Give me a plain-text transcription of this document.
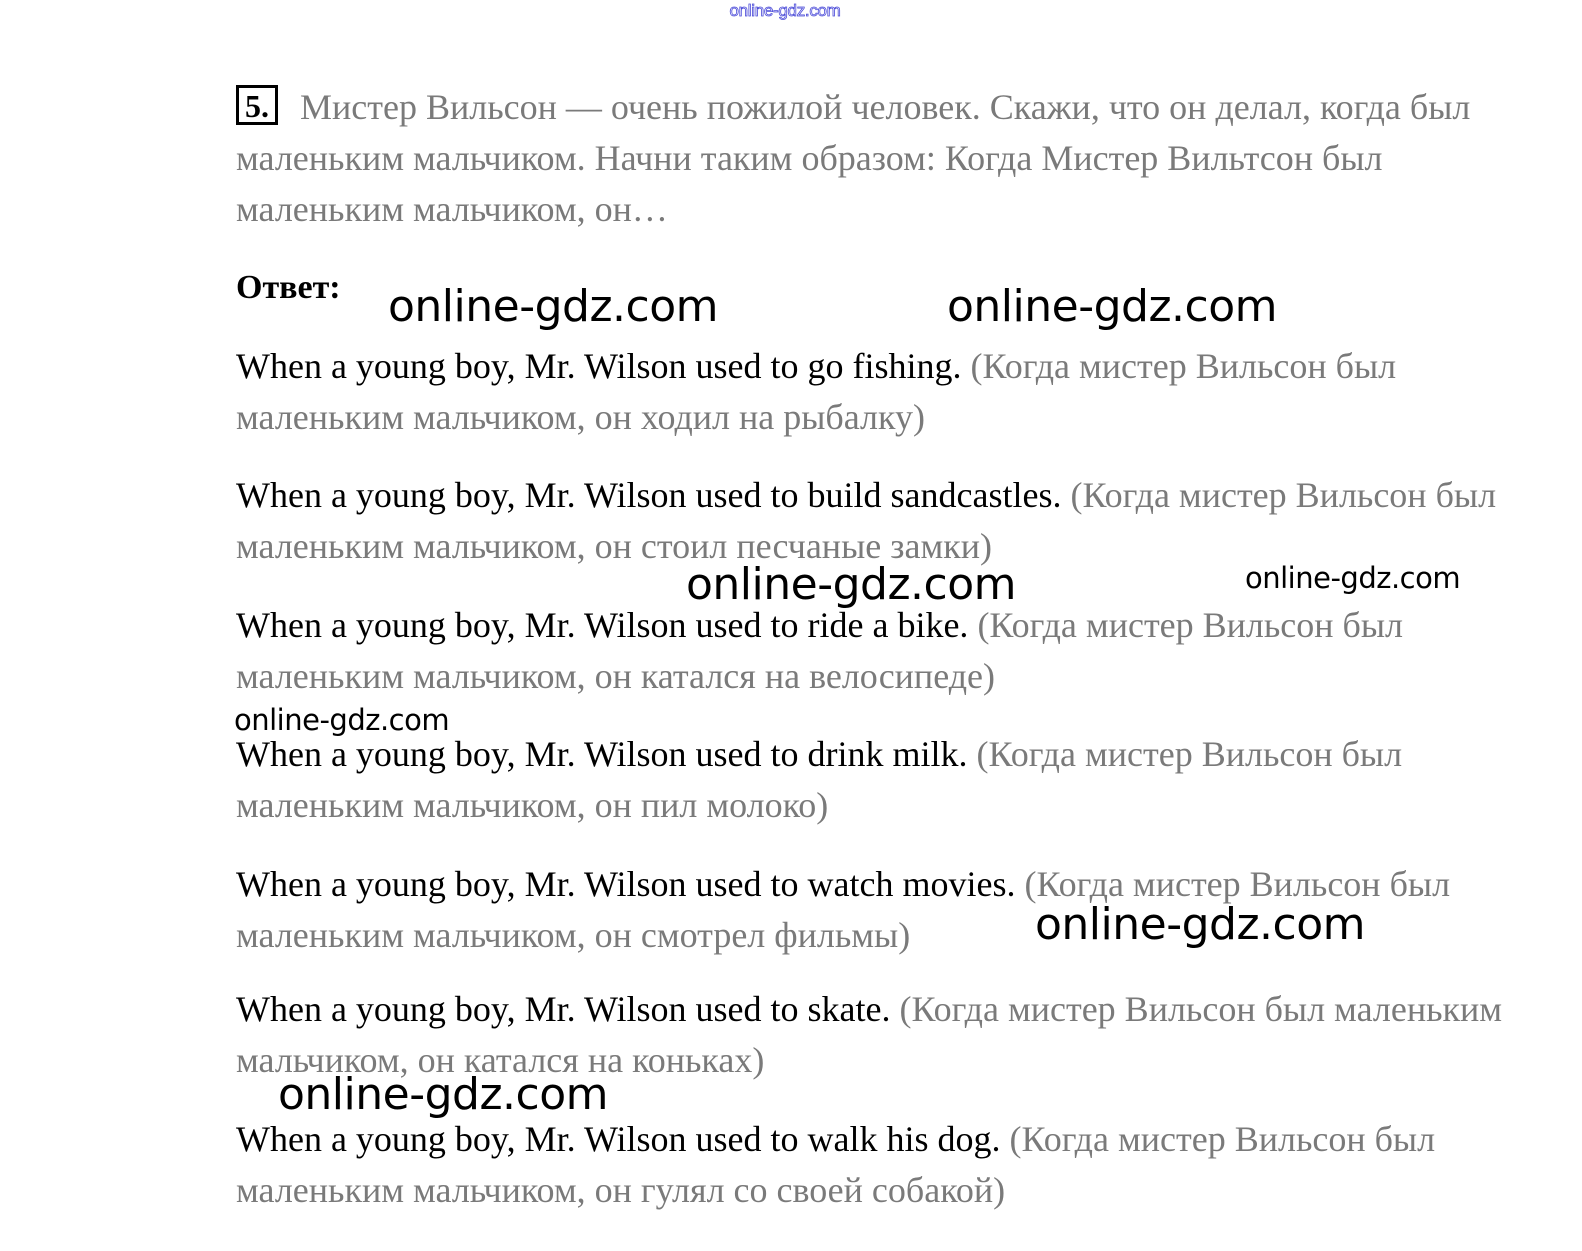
online-gdz.com

5. Мистер Вильсон — очень пожилой человек. Скажи, что он делал, когда был маленьким мальчиком. Начни таким образом: Когда Мистер Вильтсон был маленьким мальчиком, он…

Ответ:

When a young boy, Mr. Wilson used to go fishing. (Когда мистер Вильсон был маленьким мальчиком, он ходил на рыбалку)

When a young boy, Mr. Wilson used to build sandcastles. (Когда мистер Вильсон был маленьким мальчиком, он стоил песчаные замки)

When a young boy, Mr. Wilson used to ride a bike. (Когда мистер Вильсон был маленьким мальчиком, он катался на велосипеде)

When a young boy, Mr. Wilson used to drink milk. (Когда мистер Вильсон был маленьким мальчиком, он пил молоко)

When a young boy, Mr. Wilson used to watch movies. (Когда мистер Вильсон был маленьким мальчиком, он смотрел фильмы)

When a young boy, Mr. Wilson used to skate. (Когда мистер Вильсон был маленьким мальчиком, он катался на коньках)

When a young boy, Mr. Wilson used to walk his dog. (Когда мистер Вильсон был маленьким мальчиком, он гулял со своей собакой)

online-gdz.com	online-gdz.com
online-gdz.com	online-gdz.com
online-gdz.com
online-gdz.com
online-gdz.com
